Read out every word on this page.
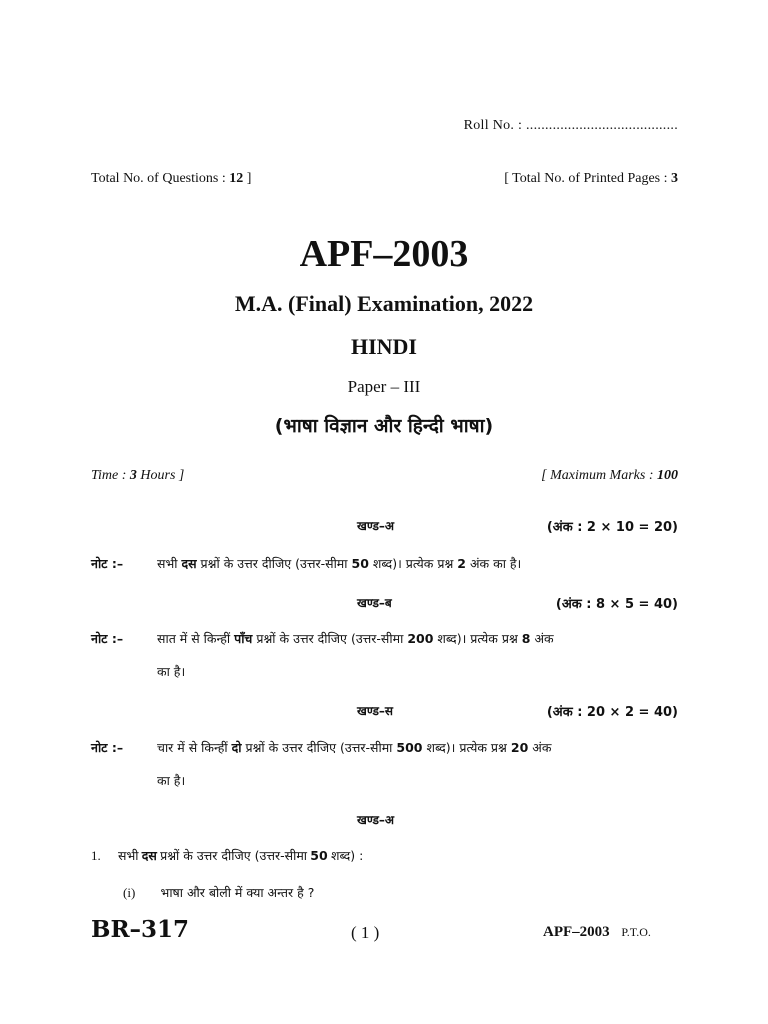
Roll No. : ........................................
Total No. of Questions : 12 ]	[ Total No. of Printed Pages : 3
APF–2003
M.A. (Final) Examination, 2022
HINDI
Paper – III
(भाषा विज्ञान और हिन्दी भाषा)
Time : 3 Hours ]	[ Maximum Marks : 100
खण्ड–अ	(अंक : 2 × 10 = 20)
नोट :–	सभी दस प्रश्नों के उत्तर दीजिए (उत्तर-सीमा 50 शब्द)। प्रत्येक प्रश्न 2 अंक का है।
खण्ड–ब	(अंक : 8 × 5 = 40)
नोट :–	सात में से किन्हीं पाँच प्रश्नों के उत्तर दीजिए (उत्तर-सीमा 200 शब्द)। प्रत्येक प्रश्न 8 अंक
का है।
खण्ड–स	(अंक : 20 × 2 = 40)
नोट :–	चार में से किन्हीं दो प्रश्नों के उत्तर दीजिए (उत्तर-सीमा 500 शब्द)। प्रत्येक प्रश्न 20 अंक
का है।
खण्ड–अ
1. सभी दस प्रश्नों के उत्तर दीजिए (उत्तर-सीमा 50 शब्द) :
(i) भाषा और बोली में क्या अन्तर है ?
BR–317	( 1 )	APF–2003 P.T.O.
